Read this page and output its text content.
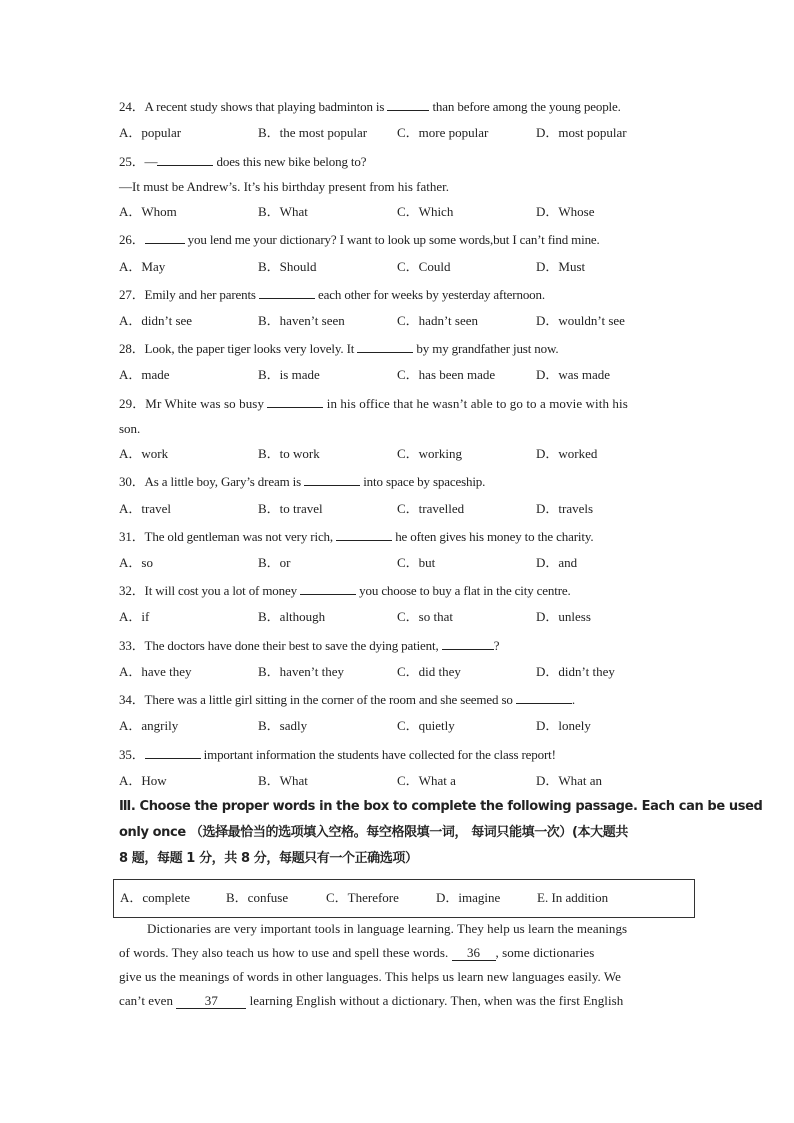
24．A recent study shows that playing badminton is	than before among the young people.
A．popular	B．the most popular C．more popular	D．most popular
25．—	does this new bike belong to?
—It must be Andrew’s. It’s his birthday present from his father.
A．Whom	B．What	C．Which	D．Whose
26．	you lend me your dictionary? I want to look up some words,but I can’t find mine.
A．May	B．Should	C．Could	D．Must
27．Emily and her parents	each other for weeks by yesterday afternoon.
A．didn’t see	B．haven’t seen	C．hadn’t seen	D．wouldn’t see
28．Look, the paper tiger looks very lovely. It	by my grandfather just now.
A．made	B．is made	C．has been made	D．was made
29．Mr White was so busy	in his office that he wasn’t able to go to a movie with his
son.
A．work	B．to work	C．working	D．worked
30．As a little boy, Gary’s dream is	into space by spaceship.
A．travel	B．to travel	C．travelled	D．travels
31．The old gentleman was not very rich,	he often gives his money to the charity.
A．so	B．or	C．but	D．and
32．It will cost you a lot of money	you choose to buy a flat in the city centre.
A．if	B．although	C．so that	D．unless
33．The doctors have done their best to save the dying patient,	?
A．have they	B．haven’t they	C．did they	D．didn’t they
34．There was a little girl sitting in the corner of the room and she seemed so	.
A．angrily	B．sadly	C．quietly	D．lonely
35．	important information the students have collected for the class report!
A．How	B．What	C．What a	D．What an
Ⅲ. Choose the proper words in the box to complete the following passage. Each can be used
only once （选择最恰当的选项填入空格。每空格限填一词， 每词只能填一次）(本大题共
8 题，每题 1 分，共 8 分，每题只有一个正确选项）
A．complete	B．confuse	C．Therefore	D．imagine	E. In addition
Dictionaries are very important tools in language learning. They help us learn the meanings
of words. They also teach us how to use and spell these words. 36 , some dictionaries
give us the meanings of words in other languages. This helps us learn new languages easily. We
can’t even 37 learning English without a dictionary. Then, when was the first English
